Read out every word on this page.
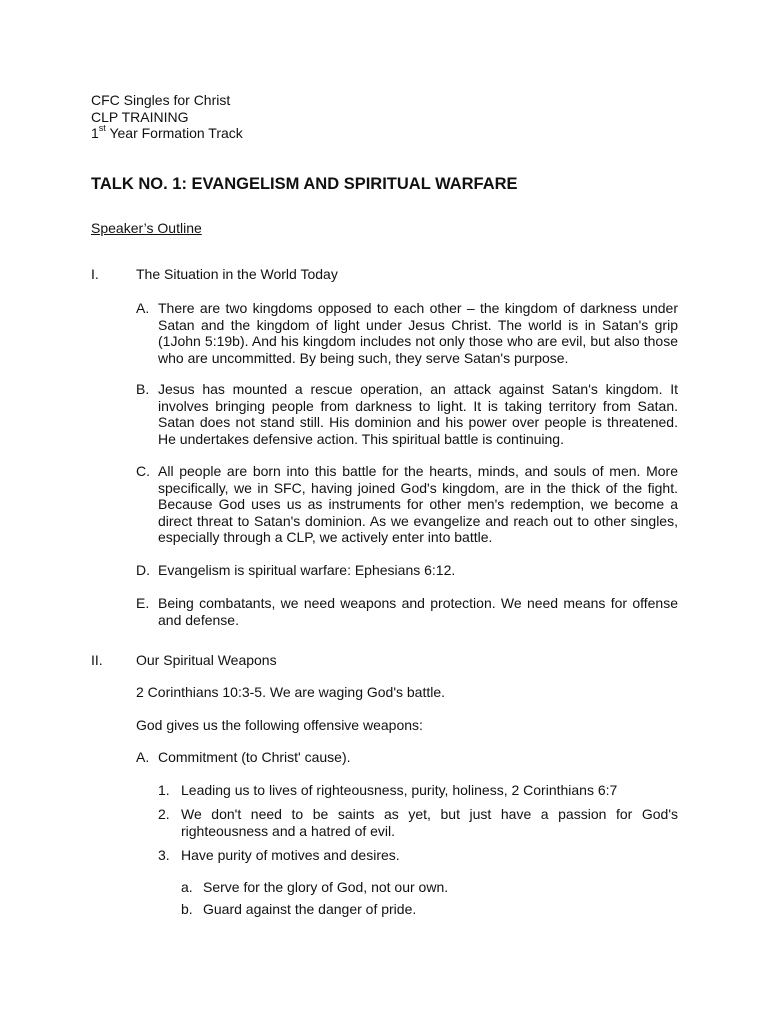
CFC Singles for Christ
CLP TRAINING
1st Year Formation Track
TALK NO. 1: EVANGELISM AND SPIRITUAL WARFARE
Speaker’s Outline
I.	The Situation in the World Today
A. There are two kingdoms opposed to each other – the kingdom of darkness under Satan and the kingdom of light under Jesus Christ. The world is in Satan's grip (1John 5:19b). And his kingdom includes not only those who are evil, but also those who are uncommitted. By being such, they serve Satan's purpose.
B. Jesus has mounted a rescue operation, an attack against Satan's kingdom. It involves bringing people from darkness to light. It is taking territory from Satan. Satan does not stand still. His dominion and his power over people is threatened. He undertakes defensive action. This spiritual battle is continuing.
C. All people are born into this battle for the hearts, minds, and souls of men. More specifically, we in SFC, having joined God's kingdom, are in the thick of the fight. Because God uses us as instruments for other men's redemption, we become a direct threat to Satan's dominion. As we evangelize and reach out to other singles, especially through a CLP, we actively enter into battle.
D. Evangelism is spiritual warfare: Ephesians 6:12.
E. Being combatants, we need weapons and protection. We need means for offense and defense.
II. Our Spiritual Weapons
2 Corinthians 10:3-5. We are waging God's battle.
God gives us the following offensive weapons:
A. Commitment (to Christ' cause).
1. Leading us to lives of righteousness, purity, holiness, 2 Corinthians 6:7
2. We don't need to be saints as yet, but just have a passion for God's righteousness and a hatred of evil.
3. Have purity of motives and desires.
a. Serve for the glory of God, not our own.
b. Guard against the danger of pride.
